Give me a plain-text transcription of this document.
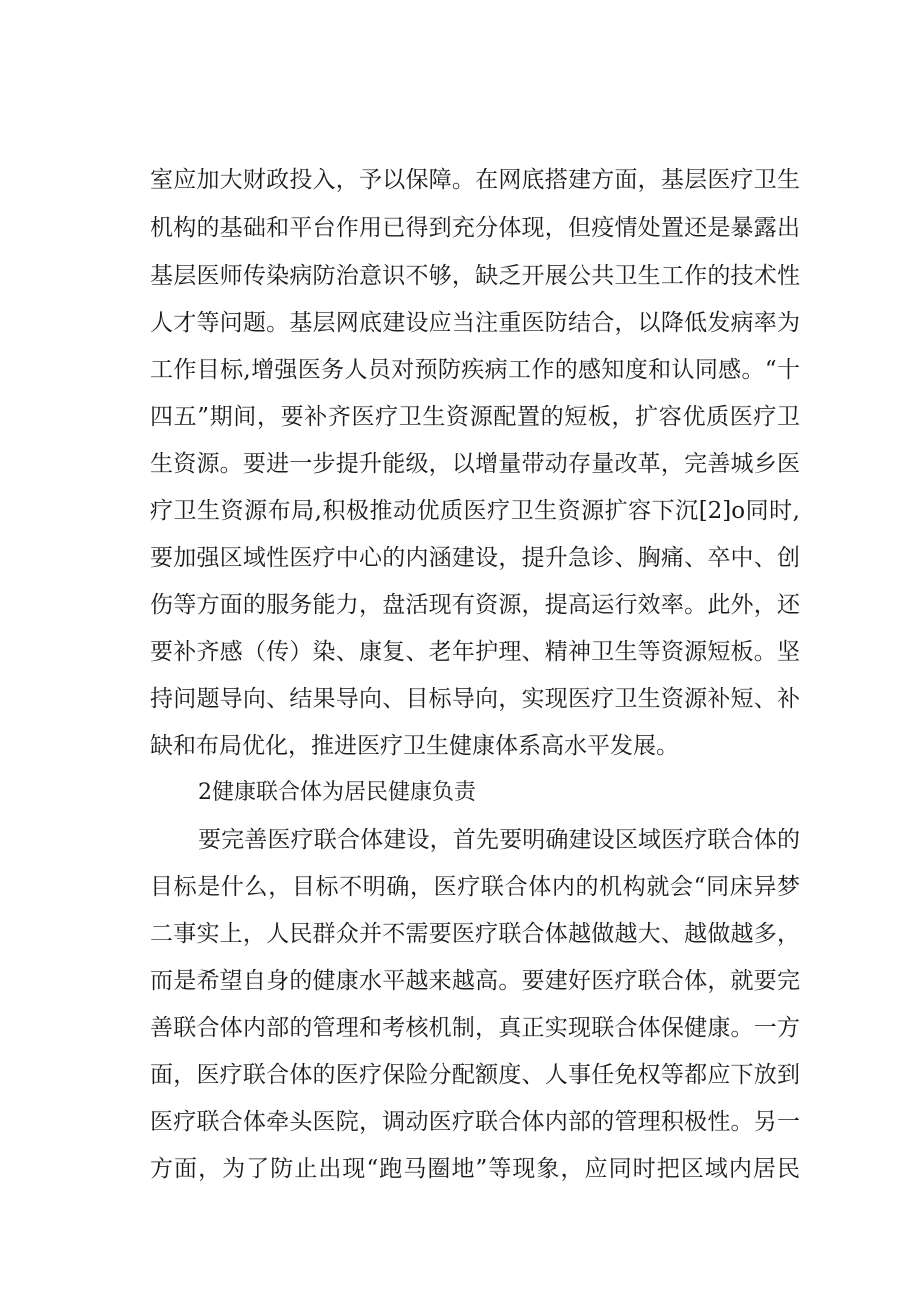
室应加大财政投入，予以保障。在网底搭建方面，基层医疗卫生
机构的基础和平台作用已得到充分体现，但疫情处置还是暴露出
基层医师传染病防治意识不够，缺乏开展公共卫生工作的技术性
人才等问题。基层网底建设应当注重医防结合，以降低发病率为
工作目标,增强医务人员对预防疾病工作的感知度和认同感。“十
四五”期间，要补齐医疗卫生资源配置的短板，扩容优质医疗卫
生资源。要进一步提升能级，以增量带动存量改革，完善城乡医
疗卫生资源布局,积极推动优质医疗卫生资源扩容下沉[2]o同时,
要加强区域性医疗中心的内涵建设，提升急诊、胸痛、卒中、创
伤等方面的服务能力，盘活现有资源，提高运行效率。此外，还
要补齐感（传）染、康复、老年护理、精神卫生等资源短板。坚
持问题导向、结果导向、目标导向，实现医疗卫生资源补短、补
缺和布局优化，推进医疗卫生健康体系高水平发展。
2健康联合体为居民健康负责
要完善医疗联合体建设，首先要明确建设区域医疗联合体的
目标是什么，目标不明确，医疗联合体内的机构就会“同床异梦
二事实上，人民群众并不需要医疗联合体越做越大、越做越多，
而是希望自身的健康水平越来越高。要建好医疗联合体，就要完
善联合体内部的管理和考核机制，真正实现联合体保健康。一方
面，医疗联合体的医疗保险分配额度、人事任免权等都应下放到
医疗联合体牵头医院，调动医疗联合体内部的管理积极性。另一
方面，为了防止出现“跑马圈地”等现象，应同时把区域内居民
